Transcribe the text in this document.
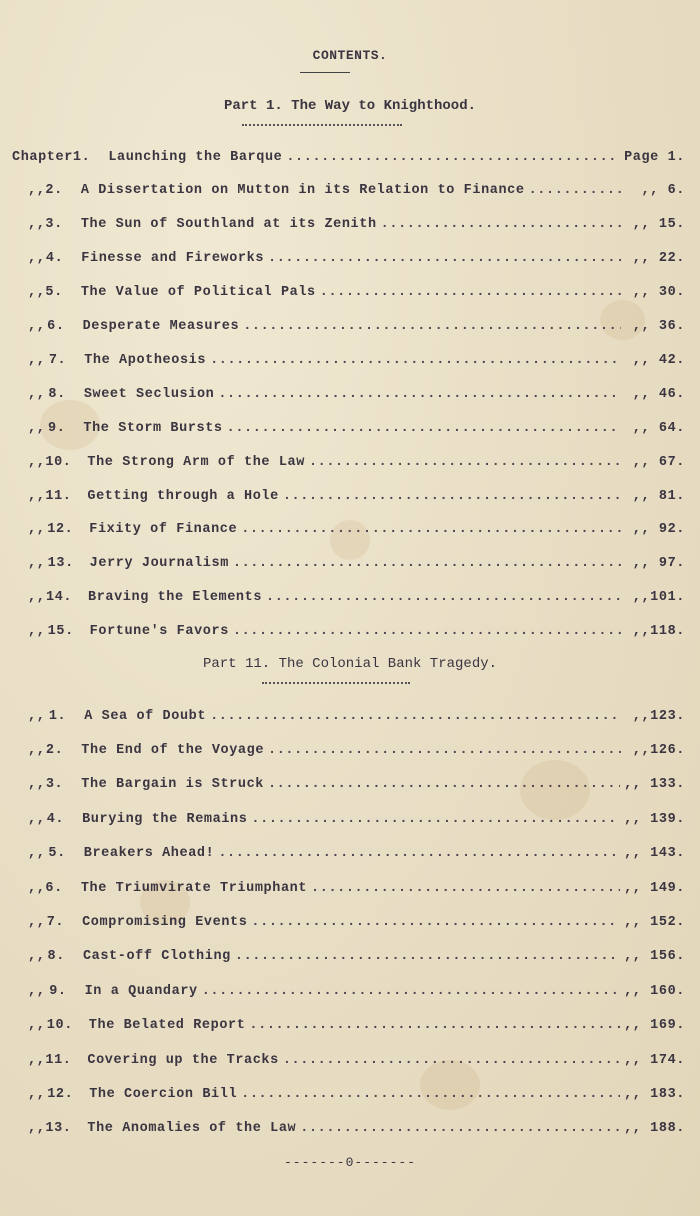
CONTENTS.
Part 1. The Way to Knighthood.
Chapter 1. Launching the Barque .....	Page 1.
,, 2. A Dissertation on Mutton in its Relation to Finance .....	,, 6.
,, 3. The Sun of Southland at its Zenith .....	,, 15.
,, 4. Finesse and Fireworks .....	,, 22.
,, 5. The Value of Political Pals .....	,, 30.
,, 6. Desperate Measures .....	,, 36.
,, 7. The Apotheosis .....	,, 42.
,, 8. Sweet Seclusion .....	,, 46.
,, 9. The Storm Bursts .....	,, 64.
,, 10. The Strong Arm of the Law .....	,, 67.
,, 11. Getting through a Hole .....	,, 81.
,, 12. Fixity of Finance .....	,, 92.
,, 13. Jerry Journalism .....	,, 97.
,, 14. Braving the Elements .....	,,101.
,, 15. Fortune's Favors .....	,,118.
Part 11. The Colonial Bank Tragedy.
,, 1. A Sea of Doubt .....	,,123.
,, 2. The End of the Voyage .....	,,126.
,, 3. The Bargain is Struck .....	,, 133.
,, 4. Burying the Remains .....	,, 139.
,, 5. Breakers Ahead! .....	,, 143.
,, 6. The Triumvirate Triumphant .....	,, 149.
,, 7. Compromising Events .....	,, 152.
,, 8. Cast-off Clothing .....	,, 156.
,, 9. In a Quandary .....	,, 160.
,, 10. The Belated Report .....	,, 169.
,, 11. Covering up the Tracks .....	,, 174.
,, 12. The Coercion Bill .....	,, 183.
,, 13. The Anomalies of the Law .....	,, 188.
-------0-------
